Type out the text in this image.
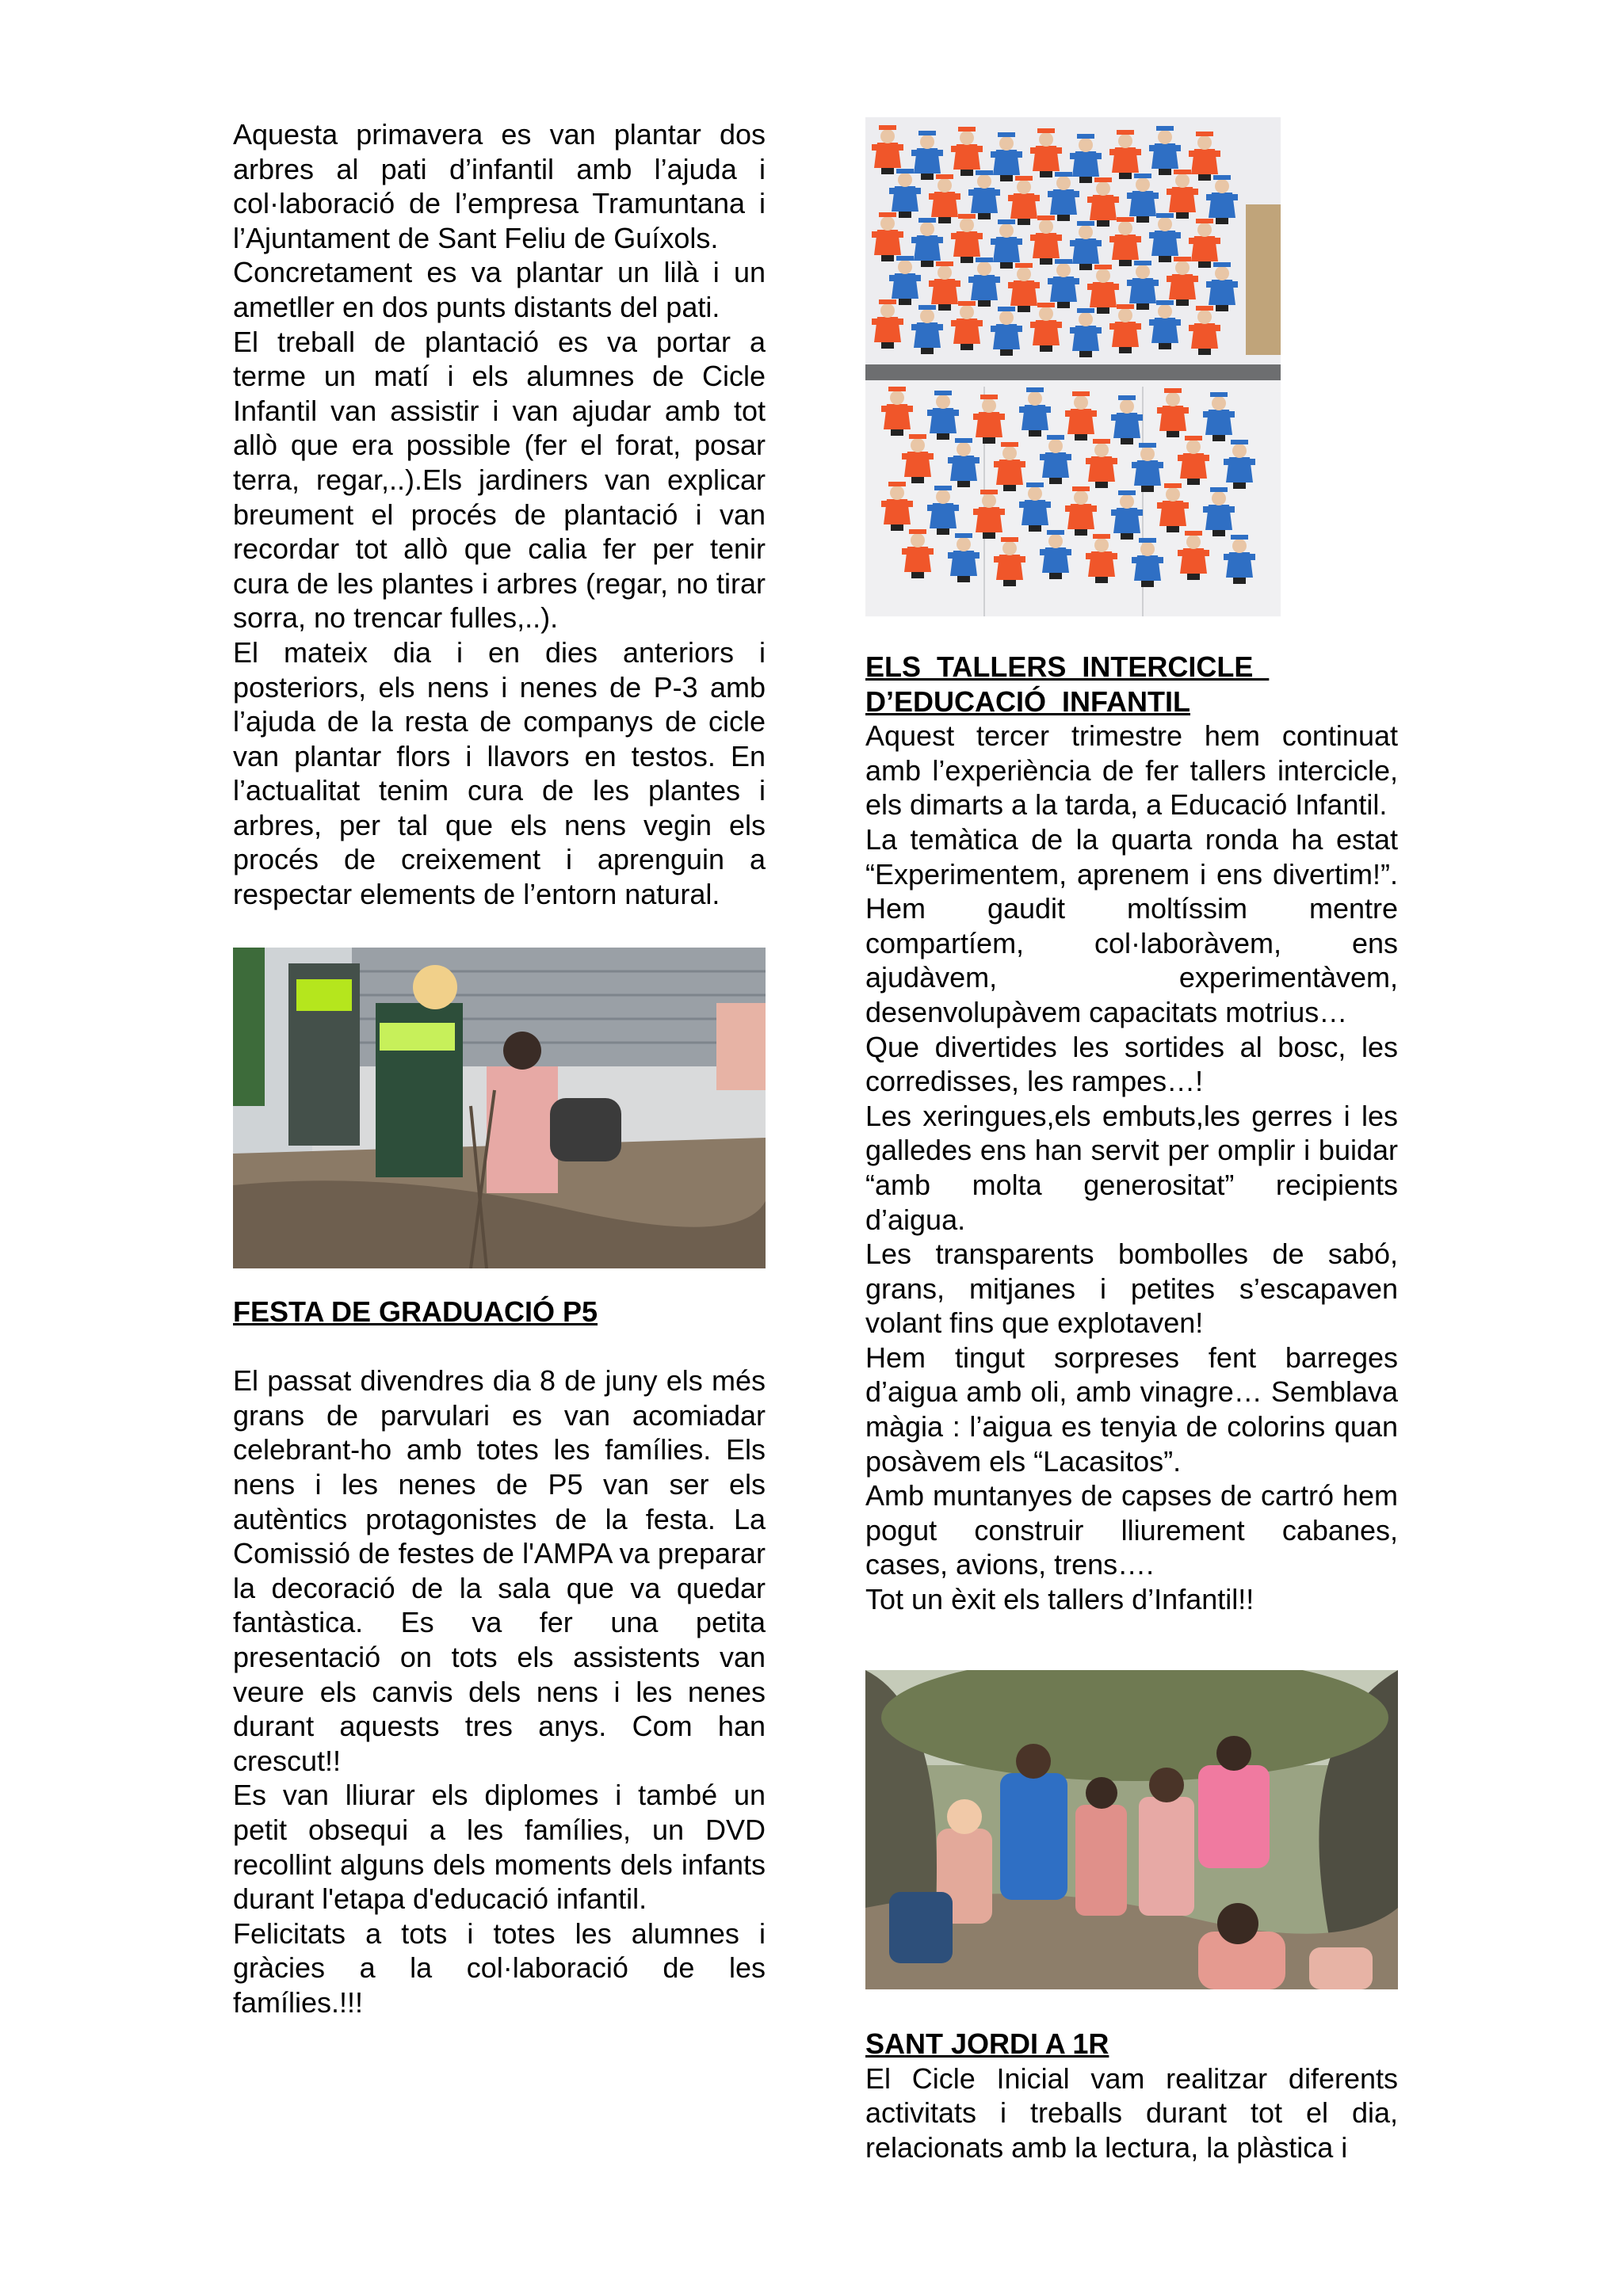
Aquesta primavera es van plantar dos arbres al pati d’infantil amb l’ajuda i col·laboració de l’empresa Tramuntana i l’Ajuntament de Sant Feliu de Guíxols.

Concretament es va plantar un lilà i un ametller en dos punts distants del pati.

El treball de plantació es va portar a terme un matí i els alumnes de Cicle Infantil van assistir i van ajudar amb tot allò que era possible (fer el forat, posar terra, regar,..).Els jardiners van explicar breument el procés de plantació i van recordar tot allò que calia fer per tenir cura de les plantes i arbres (regar, no tirar sorra, no trencar fulles,..).

El mateix dia i en dies anteriors i posteriors, els nens i nenes de P-3 amb l’ajuda de la resta de companys de cicle van plantar flors i llavors en testos. En l’actualitat tenim cura de les plantes i arbres, per tal que els nens vegin els procés de creixement i aprenguin a respectar elements de l’entorn natural.

FESTA DE GRADUACIÓ P5

El passat divendres dia 8 de juny els més grans de parvulari es van acomiadar celebrant-ho amb totes les famílies. Els nens i les nenes de P5 van ser els autèntics protagonistes de la festa. La Comissió de festes de l'AMPA va preparar la decoració de la sala que va quedar fantàstica. Es va fer una petita presentació on tots els assistents van veure els canvis dels nens i les nenes durant aquests tres anys. Com han crescut!!

Es van lliurar els diplomes i també un petit obsequi a les famílies, un DVD recollint alguns dels moments dels infants durant l'etapa d'educació infantil.

Felicitats a tots i totes les alumnes i gràcies a la col·laboració de les famílies.!!!

ELS  TALLERS  INTERCICLE

D’EDUCACIÓ  INFANTIL

Aquest tercer trimestre hem continuat amb l’experiència de fer tallers intercicle, els dimarts a la tarda, a Educació Infantil.

La temàtica de la quarta ronda ha estat “Experimentem, aprenem i ens divertim!”. Hem gaudit moltíssim mentre compartíem, col·laboràvem, ens ajudàvem, experimentàvem, desenvolupàvem capacitats motrius…

Que divertides les sortides al bosc, les corredisses, les rampes…!

Les xeringues,els embuts,les gerres i les galledes ens han servit per omplir i buidar “amb molta generositat” recipients d’aigua.

Les transparents bombolles de sabó, grans, mitjanes i petites s’escapaven volant fins que explotaven!

Hem tingut sorpreses fent barreges d’aigua amb oli, amb vinagre… Semblava màgia : l’aigua es tenyia de colorins quan posàvem els “Lacasitos”.

Amb muntanyes de capses de cartró hem pogut construir lliurement cabanes, cases, avions, trens….

Tot un èxit els tallers d’Infantil!!

SANT JORDI A 1R

El Cicle Inicial vam realitzar diferents activitats i treballs durant tot el dia, relacionats amb la lectura, la plàstica i
